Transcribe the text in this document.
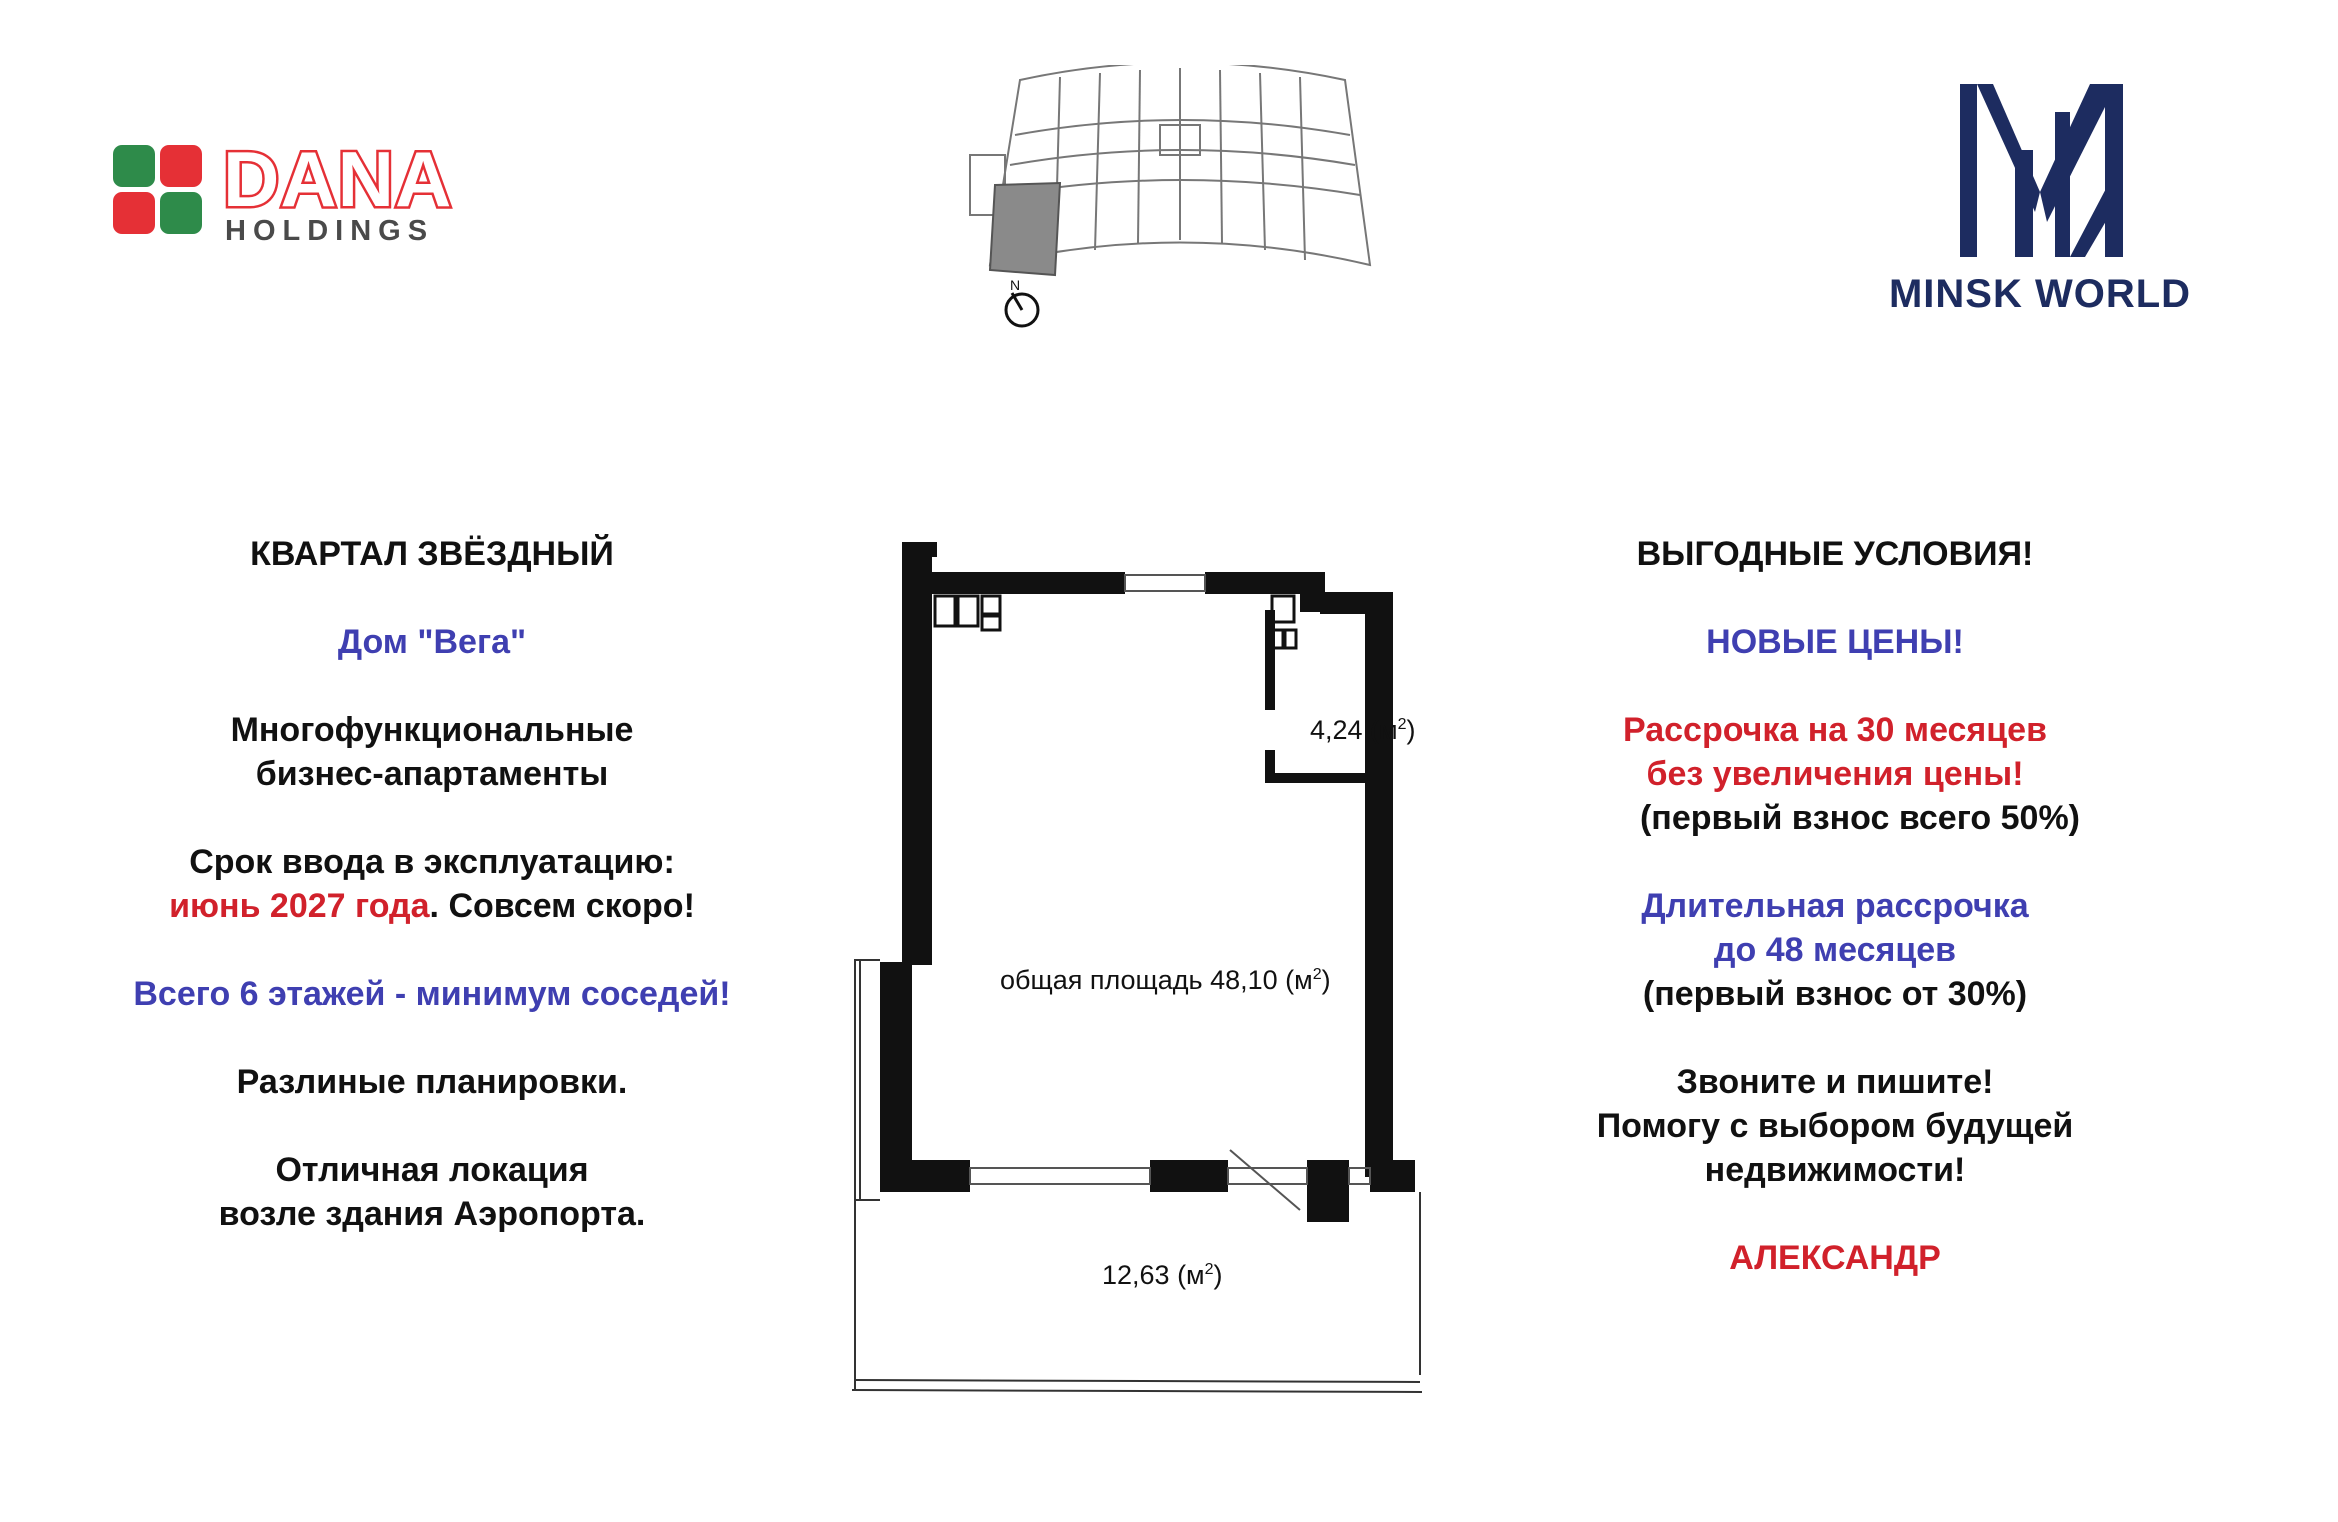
DANA
HOLDINGS
N	MINSK WORLD

КВАРТАЛ ЗВЁЗДНЫЙ

Дом "Вега"

Многофункциональные

бизнес-апартаменты

Срок ввода в эксплуатацию:

июнь 2027 года. Совсем скоро!

Всего 6 этажей - минимум соседей!

Разлиные планировки.

Отличная локация

возле здания Аэропорта.

4,24 $(м^2)$
общая площадь 48,10 $(м^2)$
12,63 $(м^2)$

ВЫГОДНЫЕ УСЛОВИЯ!

НОВЫЕ ЦЕНЫ!

Рассрочка на 30 месяцев

без увеличения цены!

(первый взнос всего 50%)

Длительная рассрочка

до 48 месяцев

(первый взнос от 30%)

Звоните и пишите!

Помогу с выбором будущей

недвижимости!

АЛЕКСАНДР
